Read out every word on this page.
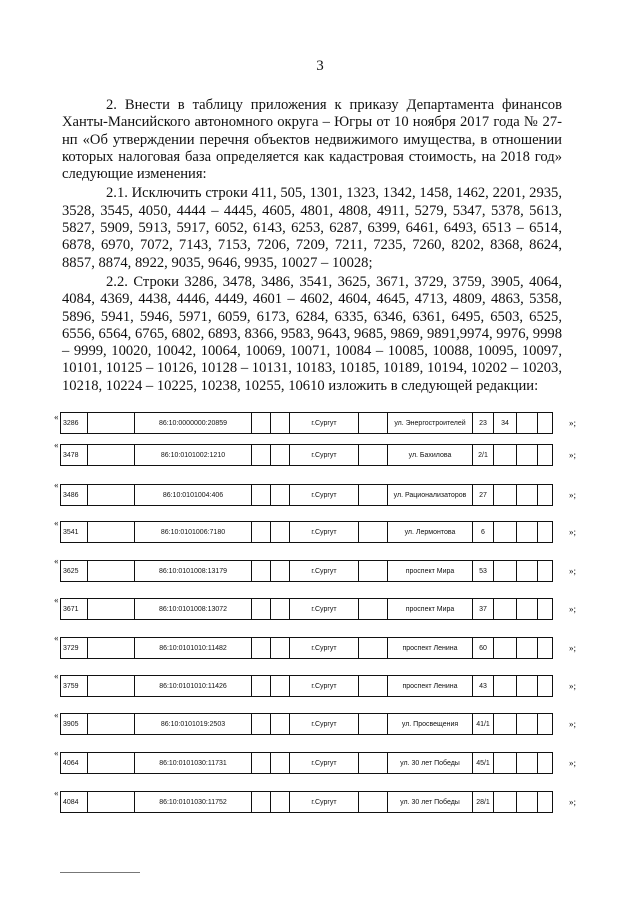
3

2. Внести в таблицу приложения к приказу Департамента финансов Ханты-Мансийского автономного округа – Югры от 10 ноября 2017 года № 27-нп «Об утверждении перечня объектов недвижимого имущества, в отношении которых налоговая база определяется как кадастровая стоимость, на 2018 год» следующие изменения:

2.1. Исключить строки 411, 505, 1301, 1323, 1342, 1458, 1462, 2201, 2935, 3528, 3545, 4050, 4444 – 4445, 4605, 4801, 4808, 4911, 5279, 5347, 5378, 5613, 5827, 5909, 5913, 5917, 6052, 6143, 6253, 6287, 6399, 6461, 6493, 6513 – 6514, 6878, 6970, 7072, 7143, 7153, 7206, 7209, 7211, 7235, 7260, 8202, 8368, 8624, 8857, 8874, 8922, 9035, 9646, 9935, 10027 – 10028;

2.2. Строки 3286, 3478, 3486, 3541, 3625, 3671, 3729, 3759, 3905, 4064, 4084, 4369, 4438, 4446, 4449, 4601 – 4602, 4604, 4645, 4713, 4809, 4863, 5358, 5896, 5941, 5946, 5971, 6059, 6173, 6284, 6335, 6346, 6361, 6495, 6503, 6525, 6556, 6564, 6765, 6802, 6893, 8366, 9583, 9643, 9685, 9869, 9891,9974, 9976, 9998 – 9999, 10020, 10042, 10064, 10069, 10071, 10084 – 10085, 10088, 10095, 10097, 10101, 10125 – 10126, 10128 – 10131, 10183, 10185, 10189, 10194, 10202 – 10203, 10218, 10224 – 10225, 10238, 10255, 10610 изложить в следующей редакции:

«
3286		86:10:0000000:20859			г.Сургут		ул. Энергостроителей	23	34			»;
«
3478		86:10:0101002:1210			г.Сургут		ул. Бахилова	2/1				»;
«
3486		86:10:0101004:406			г.Сургут		ул. Рационализаторов	27				»;
«
3541		86:10:0101006:7180			г.Сургут		ул. Лермонтова	6				»;
«
3625		86:10:0101008:13179			г.Сургут		проспект Мира	53				»;
«
3671		86:10:0101008:13072			г.Сургут		проспект Мира	37				»;
«
3729		86:10:0101010:11482			г.Сургут		проспект Ленина	60				»;
«
3759		86:10:0101010:11426			г.Сургут		проспект Ленина	43				»;
«
3905		86:10:0101019:2503			г.Сургут		ул. Просвещения	41/1				»;
«
4064		86:10:0101030:11731			г.Сургут		ул. 30 лет Победы	45/1				»;
«
4084		86:10:0101030:11752			г.Сургут		ул. 30 лет Победы	28/1				»;
